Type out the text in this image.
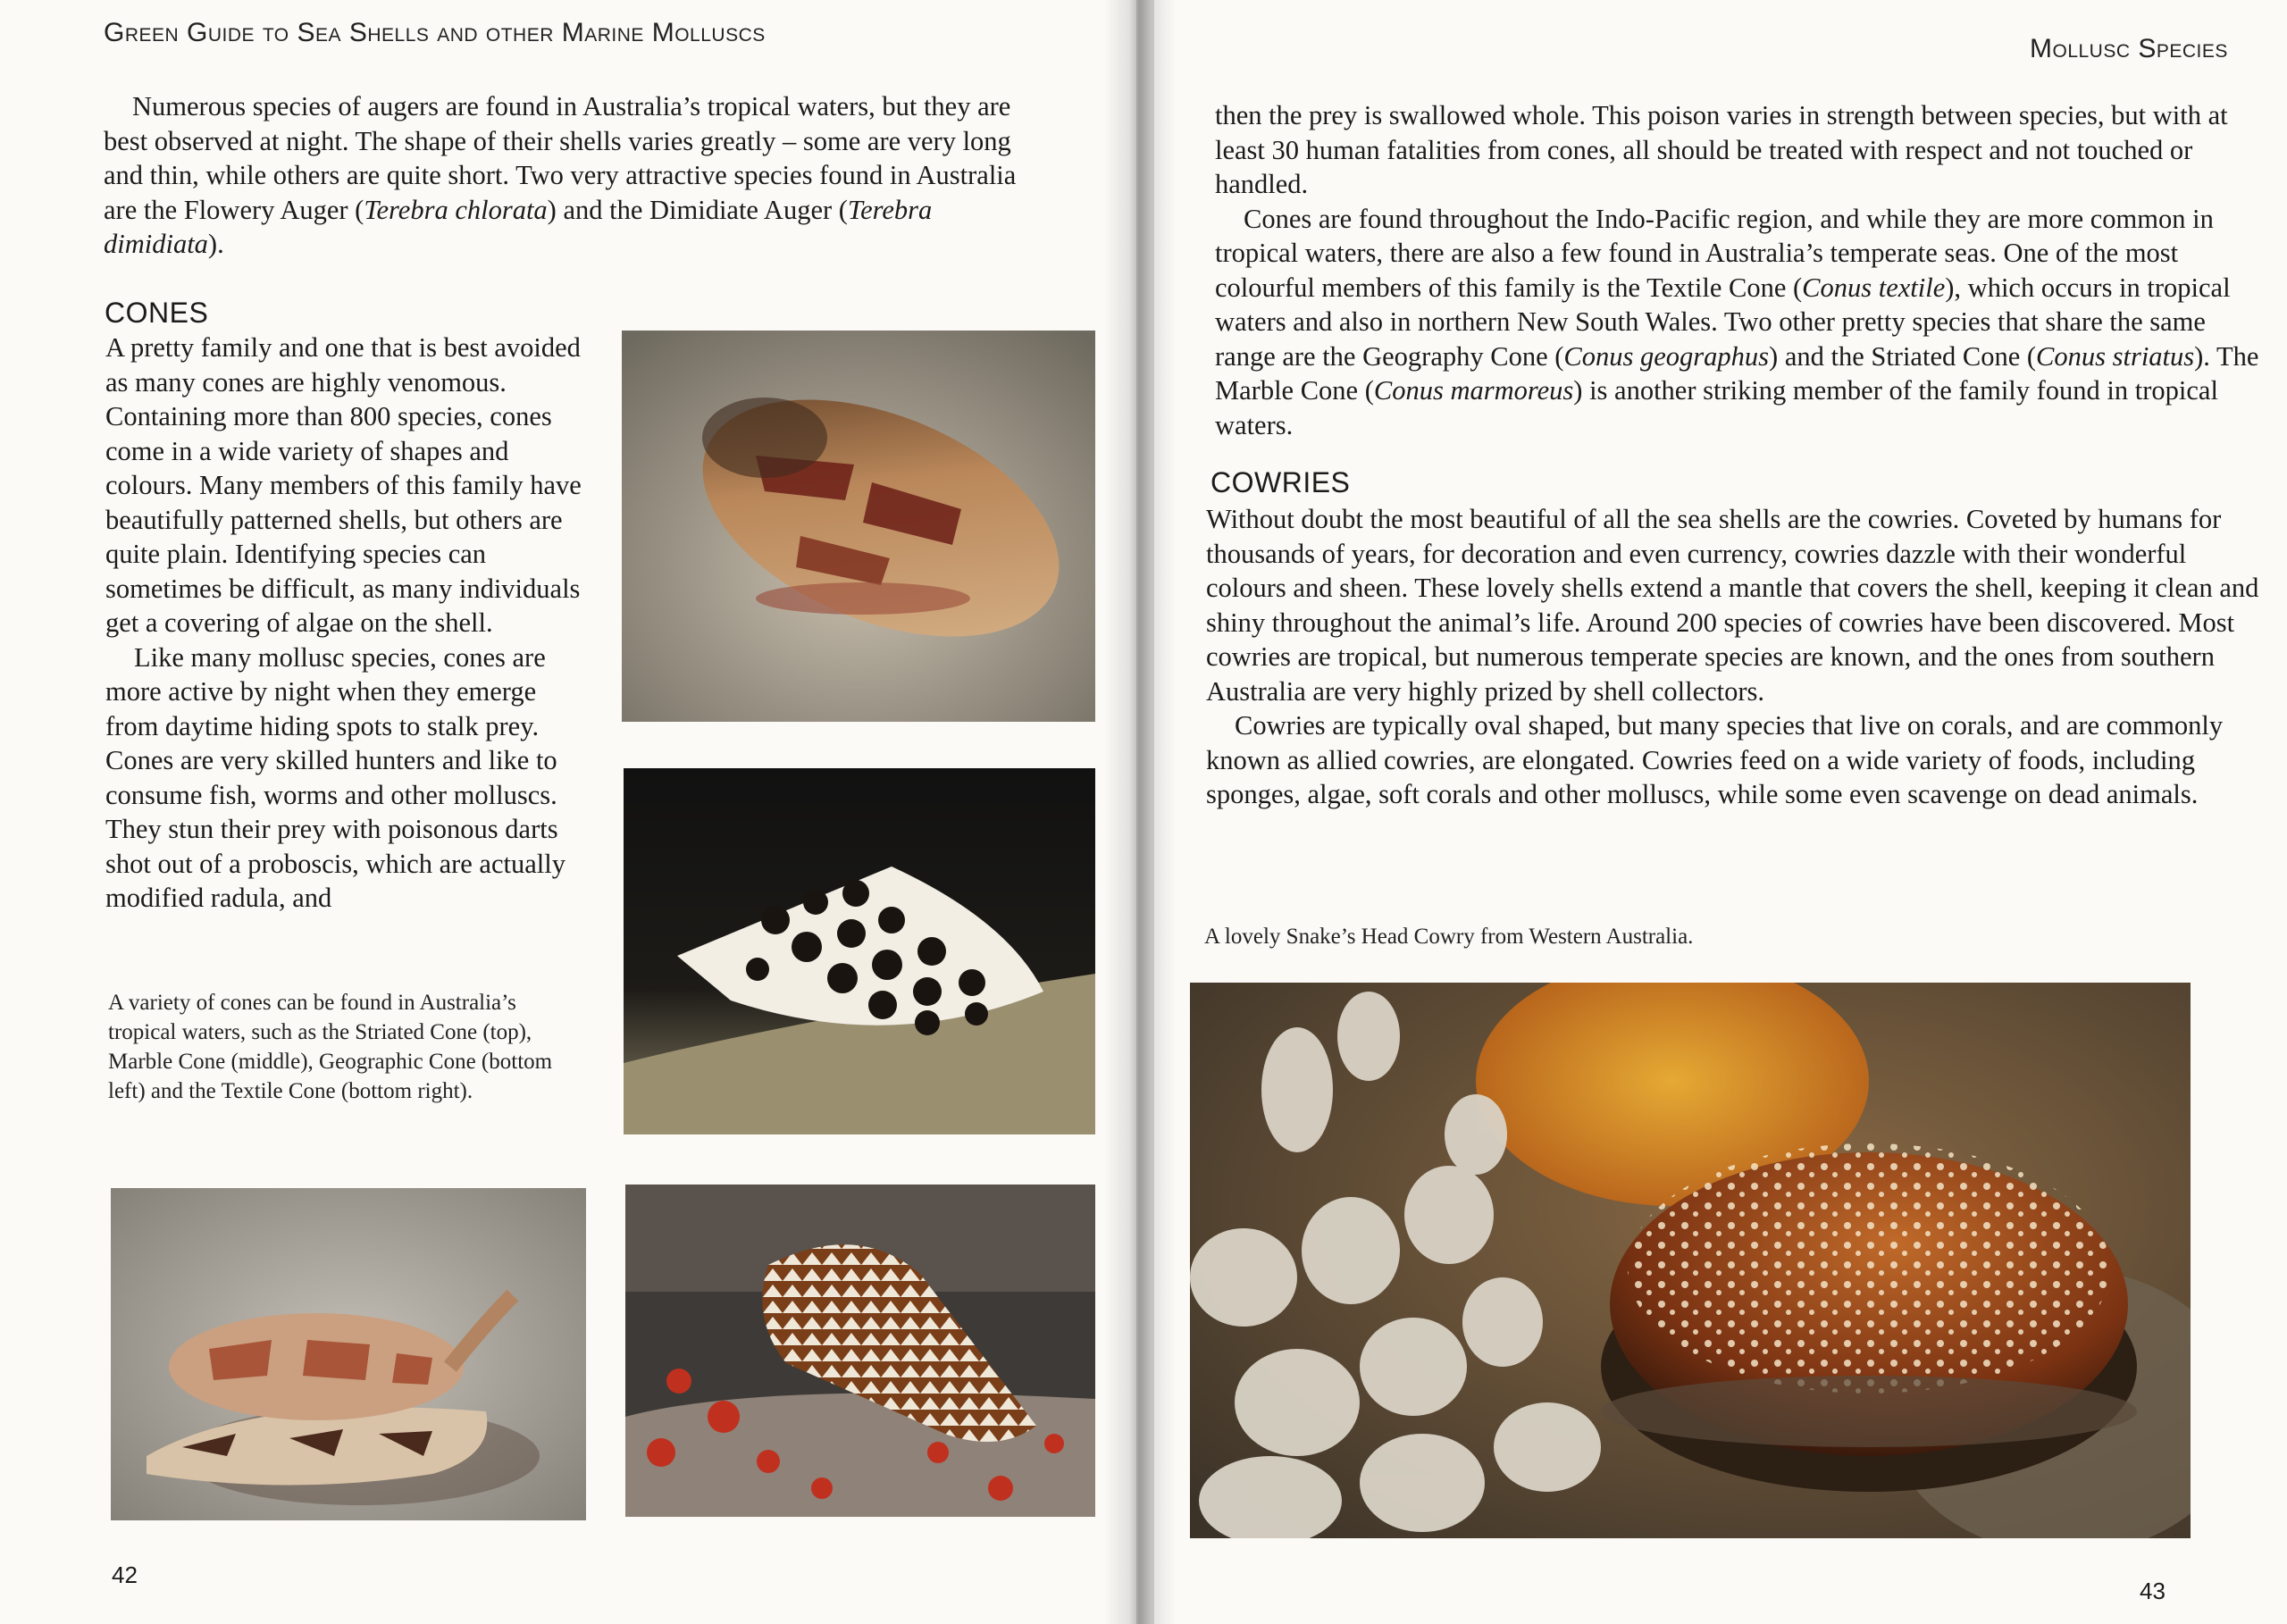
Green Guide to Sea Shells and other Marine Molluscs

Numerous species of augers are found in Australia’s tropical waters, but they are best observed at night. The shape of their shells varies greatly – some are very long and thin, while others are quite short. Two very attractive species found in Australia are the Flowery Auger (Terebra chlorata) and the Dimidiate Auger (Terebra dimidiata).

CONES

A pretty family and one that is best avoided as many cones are highly venomous. Containing more than 800 species, cones come in a wide variety of shapes and colours. Many members of this family have beautifully patterned shells, but others are quite plain. Identifying species can sometimes be difficult, as many individuals get a covering of algae on the shell.

Like many mollusc species, cones are more active by night when they emerge from daytime hiding spots to stalk prey. Cones are very skilled hunters and like to consume fish, worms and other molluscs. They stun their prey with poisonous darts shot out of a proboscis, which are actually modified radula, and

A variety of cones can be found in Australia’s tropical waters, such as the Striated Cone (top), Marble Cone (middle), Geographic Cone (bottom left) and the Textile Cone (bottom right).
42
Mollusc Species

then the prey is swallowed whole. This poison varies in strength between species, but with at least 30 human fatalities from cones, all should be treated with respect and not touched or handled.

Cones are found throughout the Indo-Pacific region, and while they are more common in tropical waters, there are also a few found in Australia’s temperate seas. One of the most colourful members of this family is the Textile Cone (Conus textile), which occurs in tropical waters and also in northern New South Wales. Two other pretty species that share the same range are the Geography Cone (Conus geographus) and the Striated Cone (Conus striatus). The Marble Cone (Conus marmoreus) is another striking member of the family found in tropical waters.

COWRIES

Without doubt the most beautiful of all the sea shells are the cowries. Coveted by humans for thousands of years, for decoration and even currency, cowries dazzle with their wonderful colours and sheen. These lovely shells extend a mantle that covers the shell, keeping it clean and shiny throughout the animal’s life. Around 200 species of cowries have been discovered. Most cowries are tropical, but numerous temperate species are known, and the ones from southern Australia are very highly prized by shell collectors.

Cowries are typically oval shaped, but many species that live on corals, and are commonly known as allied cowries, are elongated. Cowries feed on a wide variety of foods, including sponges, algae, soft corals and other molluscs, while some even scavenge on dead animals.

A lovely Snake’s Head Cowry from Western Australia.
43
